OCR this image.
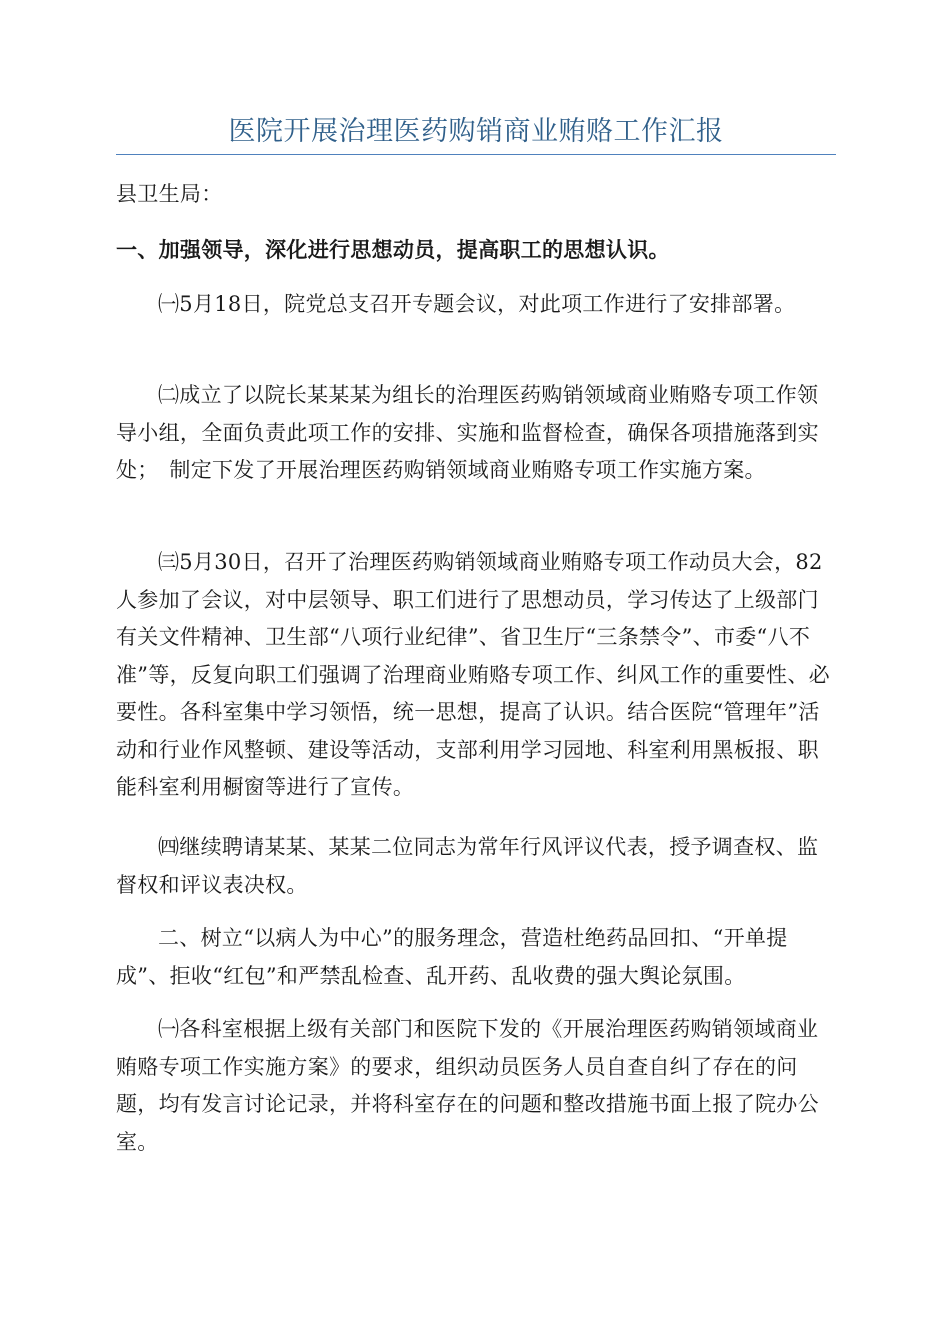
医院开展治理医药购销商业贿赂工作汇报

县卫生局：

一、加强领导，深化进行思想动员，提高职工的思想认识。

㈠5月18日，院党总支召开专题会议，对此项工作进行了安排部署。

㈡成立了以院长某某某为组长的治理医药购销领域商业贿赂专项工作领导小组，全面负责此项工作的安排、实施和监督检查，确保各项措施落到实处；　制定下发了开展治理医药购销领域商业贿赂专项工作实施方案。

㈢5月30日，召开了治理医药购销领域商业贿赂专项工作动员大会，82人参加了会议，对中层领导、职工们进行了思想动员，学习传达了上级部门有关文件精神、卫生部“八项行业纪律”、省卫生厅“三条禁令”、市委“八不准”等，反复向职工们强调了治理商业贿赂专项工作、纠风工作的重要性、必要性。各科室集中学习领悟，统一思想，提高了认识。结合医院“管理年”活动和行业作风整顿、建设等活动，支部利用学习园地、科室利用黑板报、职能科室利用橱窗等进行了宣传。

㈣继续聘请某某、某某二位同志为常年行风评议代表，授予调查权、监督权和评议表决权。

二、树立“以病人为中心”的服务理念，营造杜绝药品回扣、“开单提成”、拒收“红包”和严禁乱检查、乱开药、乱收费的强大舆论氛围。

㈠各科室根据上级有关部门和医院下发的《开展治理医药购销领域商业贿赂专项工作实施方案》的要求，组织动员医务人员自查自纠了存在的问题，均有发言讨论记录，并将科室存在的问题和整改措施书面上报了院办公室。
